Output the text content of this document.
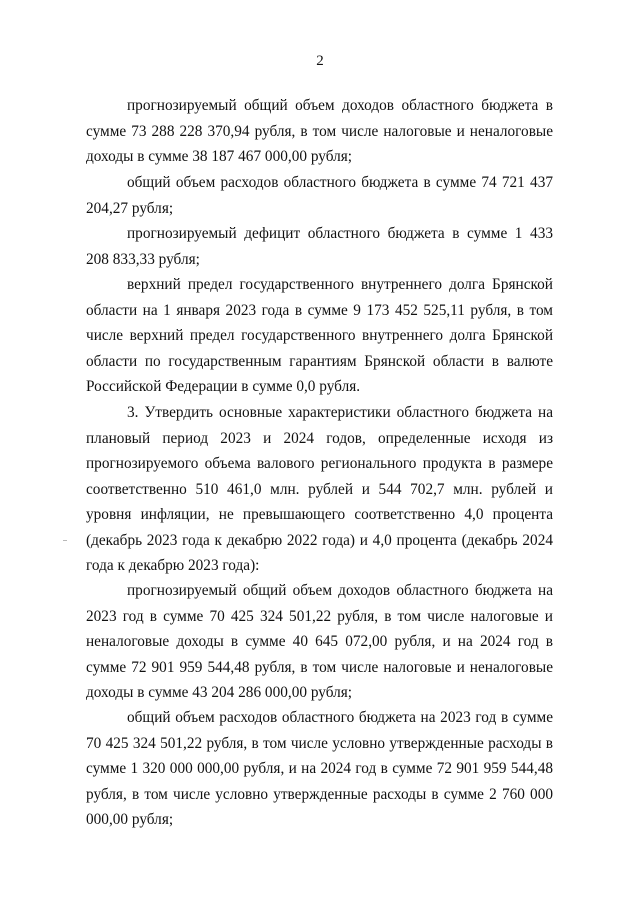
2
прогнозируемый общий объем доходов областного бюджета в сумме 73 288 228 370,94 рубля, в том числе налоговые и неналоговые доходы в сумме 38 187 467 000,00 рубля;
общий объем расходов областного бюджета в сумме 74 721 437 204,27 рубля;
прогнозируемый дефицит областного бюджета в сумме 1 433 208 833,33 рубля;
верхний предел государственного внутреннего долга Брянской области на 1 января 2023 года в сумме 9 173 452 525,11 рубля, в том числе верхний предел государственного внутреннего долга Брянской области по государственным гарантиям Брянской области в валюте Российской Федерации в сумме 0,0 рубля.
3. Утвердить основные характеристики областного бюджета на плановый период 2023 и 2024 годов, определенные исходя из прогнозируемого объема валового регионального продукта в размере соответственно 510 461,0 млн. рублей и 544 702,7 млн. рублей и уровня инфляции, не превышающего соответственно 4,0 процента (декабрь 2023 года к декабрю 2022 года) и 4,0 процента (декабрь 2024 года к декабрю 2023 года):
прогнозируемый общий объем доходов областного бюджета на 2023 год в сумме 70 425 324 501,22 рубля, в том числе налоговые и неналоговые доходы в сумме 40 645 072,00 рубля, и на 2024 год в сумме 72 901 959 544,48 рубля, в том числе налоговые и неналоговые доходы в сумме 43 204 286 000,00 рубля;
общий объем расходов областного бюджета на 2023 год в сумме 70 425 324 501,22 рубля, в том числе условно утвержденные расходы в сумме 1 320 000 000,00 рубля, и на 2024 год в сумме 72 901 959 544,48 рубля, в том числе условно утвержденные расходы в сумме 2 760 000 000,00 рубля;
